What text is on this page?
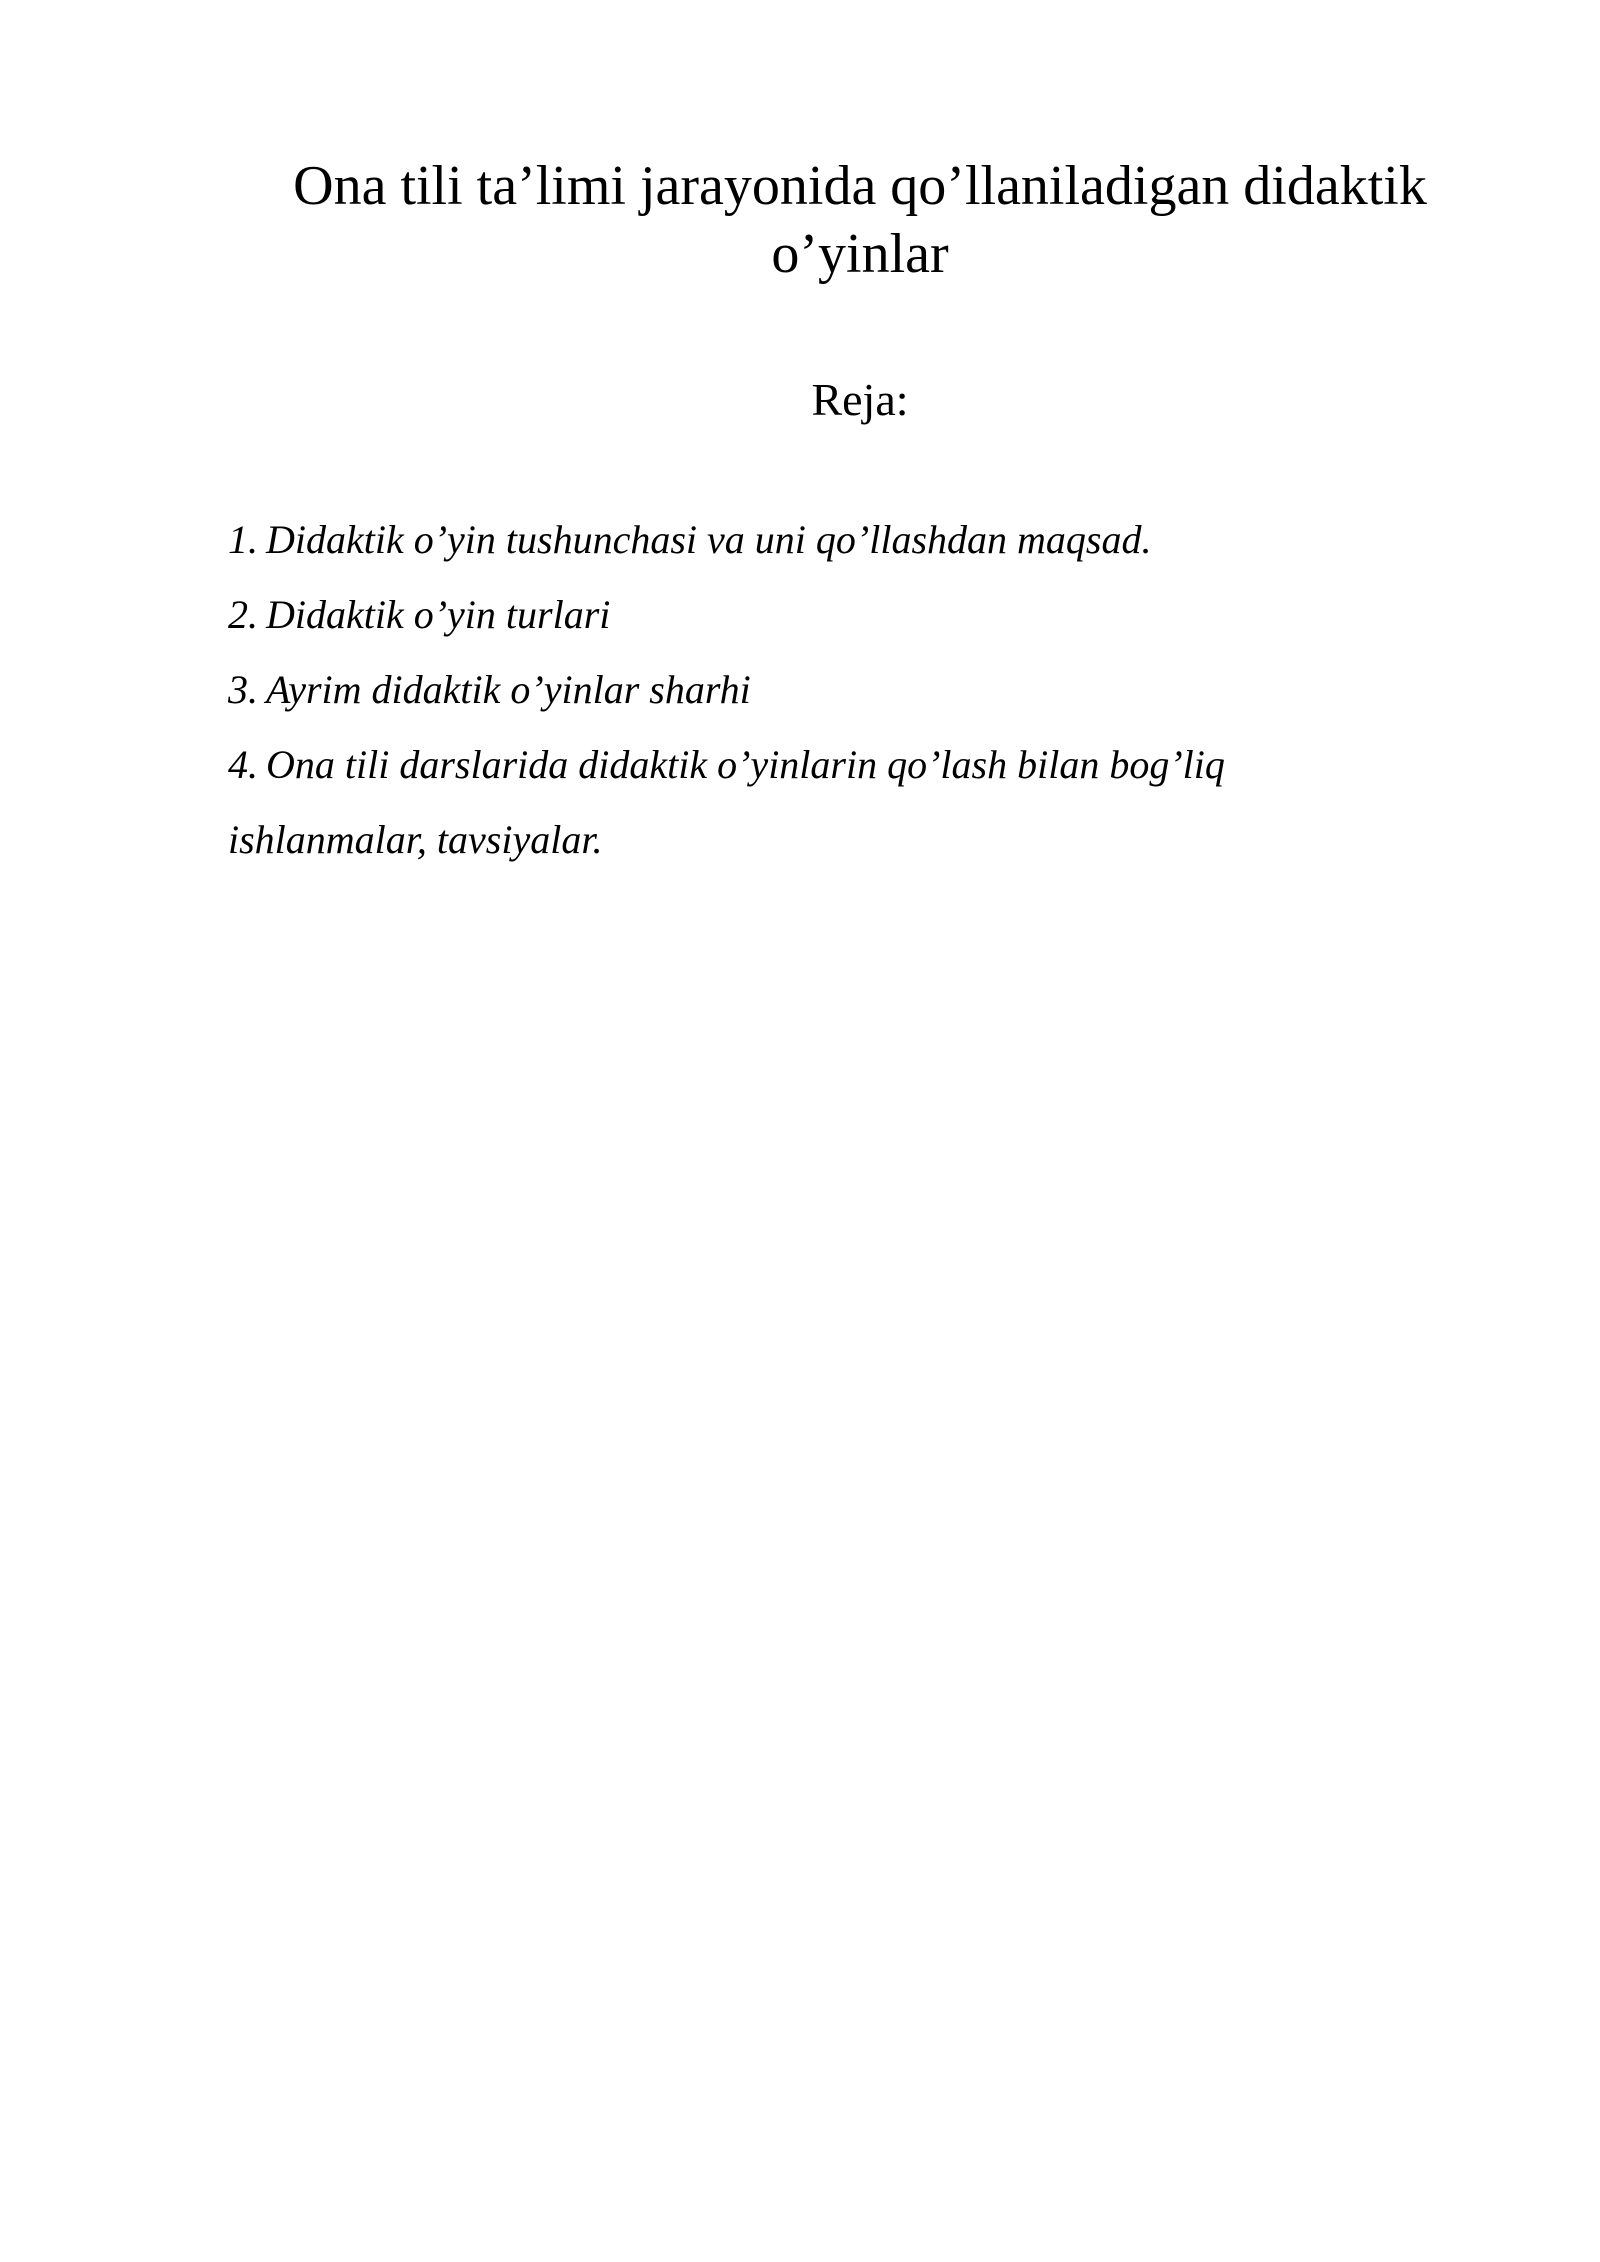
Ona tili ta’limi jarayonida qo’llaniladigan didaktik o’yinlar

Reja:

1. Didaktik o’yin tushunchasi va uni qo’llashdan maqsad.
2. Didaktik o’yin turlari
3. Ayrim didaktik o’yinlar sharhi
4. Ona tili darslarida didaktik o’yinlarin qo’lash bilan bog’liq ishlanmalar, tavsiyalar.
